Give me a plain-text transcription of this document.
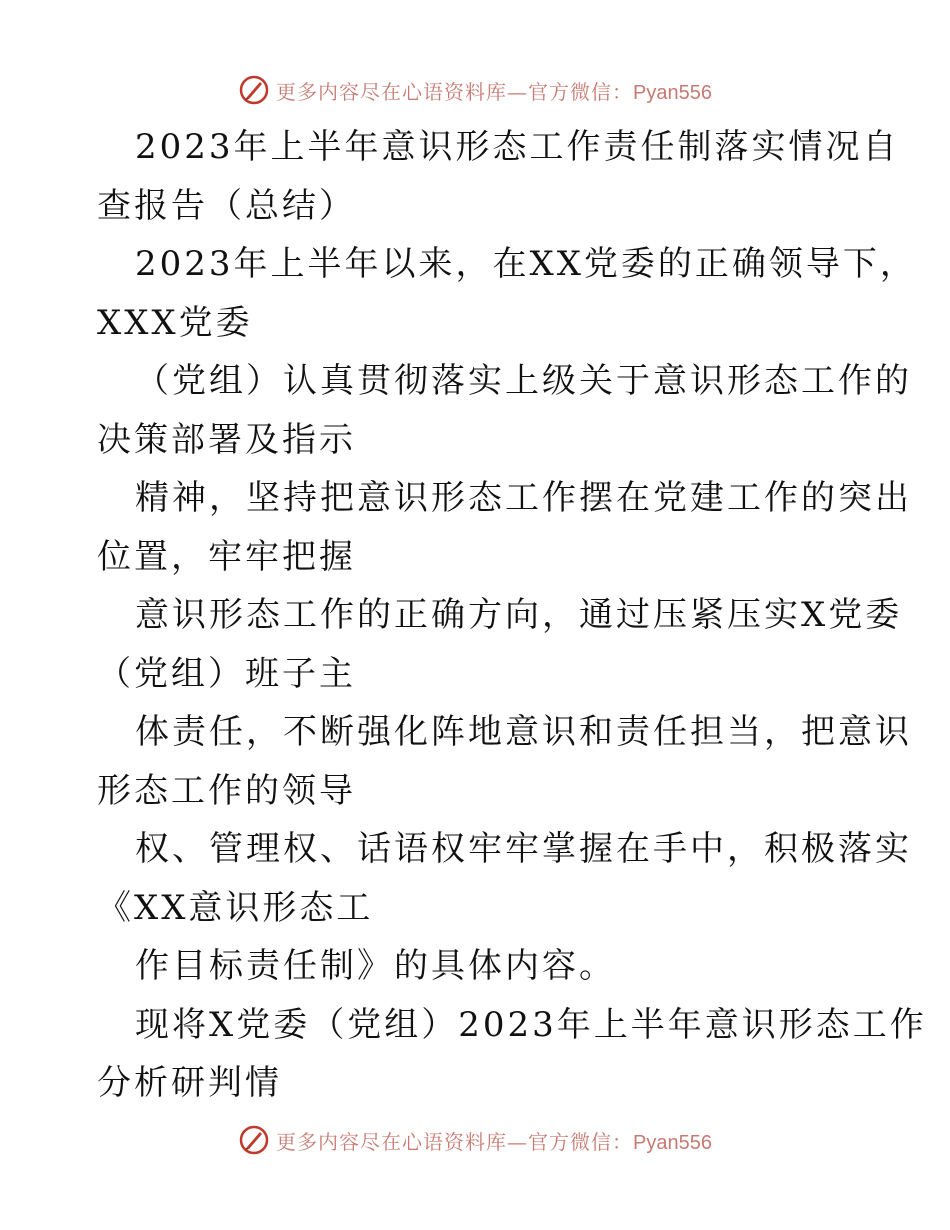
更多内容尽在心语资料库—官方微信：Pyan556
2023年上半年意识形态工作责任制落实情况自
查报告（总结）
2023年上半年以来，在XX党委的正确领导下，
XXX党委
（党组）认真贯彻落实上级关于意识形态工作的
决策部署及指示
精神，坚持把意识形态工作摆在党建工作的突出
位置，牢牢把握
意识形态工作的正确方向，通过压紧压实X党委
（党组）班子主
体责任，不断强化阵地意识和责任担当，把意识
形态工作的领导
权、管理权、话语权牢牢掌握在手中，积极落实
《XX意识形态工
作目标责任制》的具体内容。
现将X党委（党组）2023年上半年意识形态工作
分析研判情
更多内容尽在心语资料库—官方微信：Pyan556
